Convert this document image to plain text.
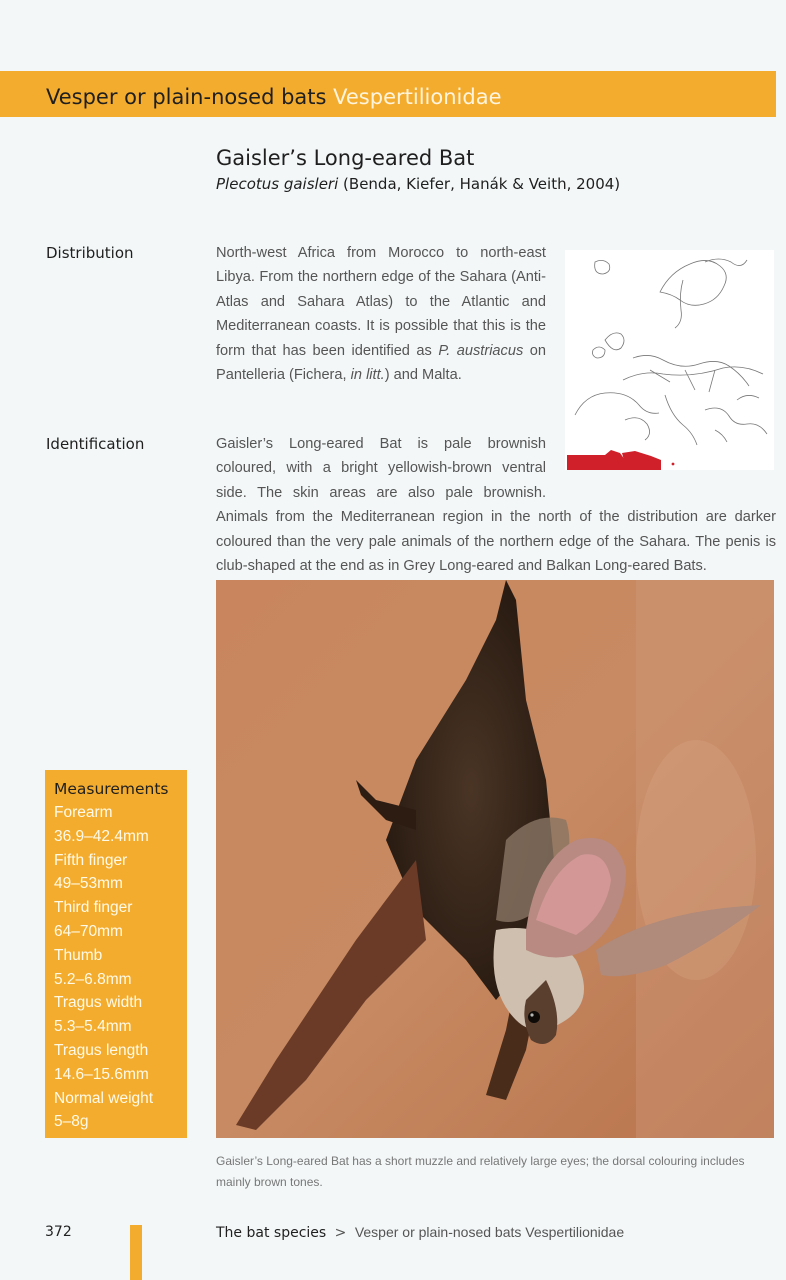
Vesper or plain-nosed bats Vespertilionidae
Gaisler’s Long-eared Bat
Plecotus gaisleri (Benda, Kiefer, Hanák & Veith, 2004)
Distribution	North-west Africa from Morocco to north-east Libya. From the northern edge of the Sahara (Anti-Atlas and Sahara Atlas) to the Atlantic and Mediterranean coasts. It is possible that this is the form that has been identified as P. austriacus on Pantelleria (Fichera, in litt.) and Malta.
Identification	Gaisler’s Long-eared Bat is pale brownish coloured, with a bright yellowish-brown ventral side. The skin areas are also pale brownish. Animals from the Mediterranean region in the north of the distribution are darker coloured than the very pale animals of the northern edge of the Sahara. The penis is club-shaped at the end as in Grey Long-eared and Balkan Long-eared Bats.
Gaisler’s Long-eared Bat has a short muzzle and relatively large eyes; the dorsal colouring includes mainly brown tones.
Measurements
Forearm
36.9–42.4mm
Fifth finger
49–53mm
Third finger
64–70mm
Thumb
5.2–6.8mm
Tragus width
5.3–5.4mm
Tragus length
14.6–15.6mm
Normal weight
5–8g
372	The bat species > Vesper or plain-nosed bats Vespertilionidae
